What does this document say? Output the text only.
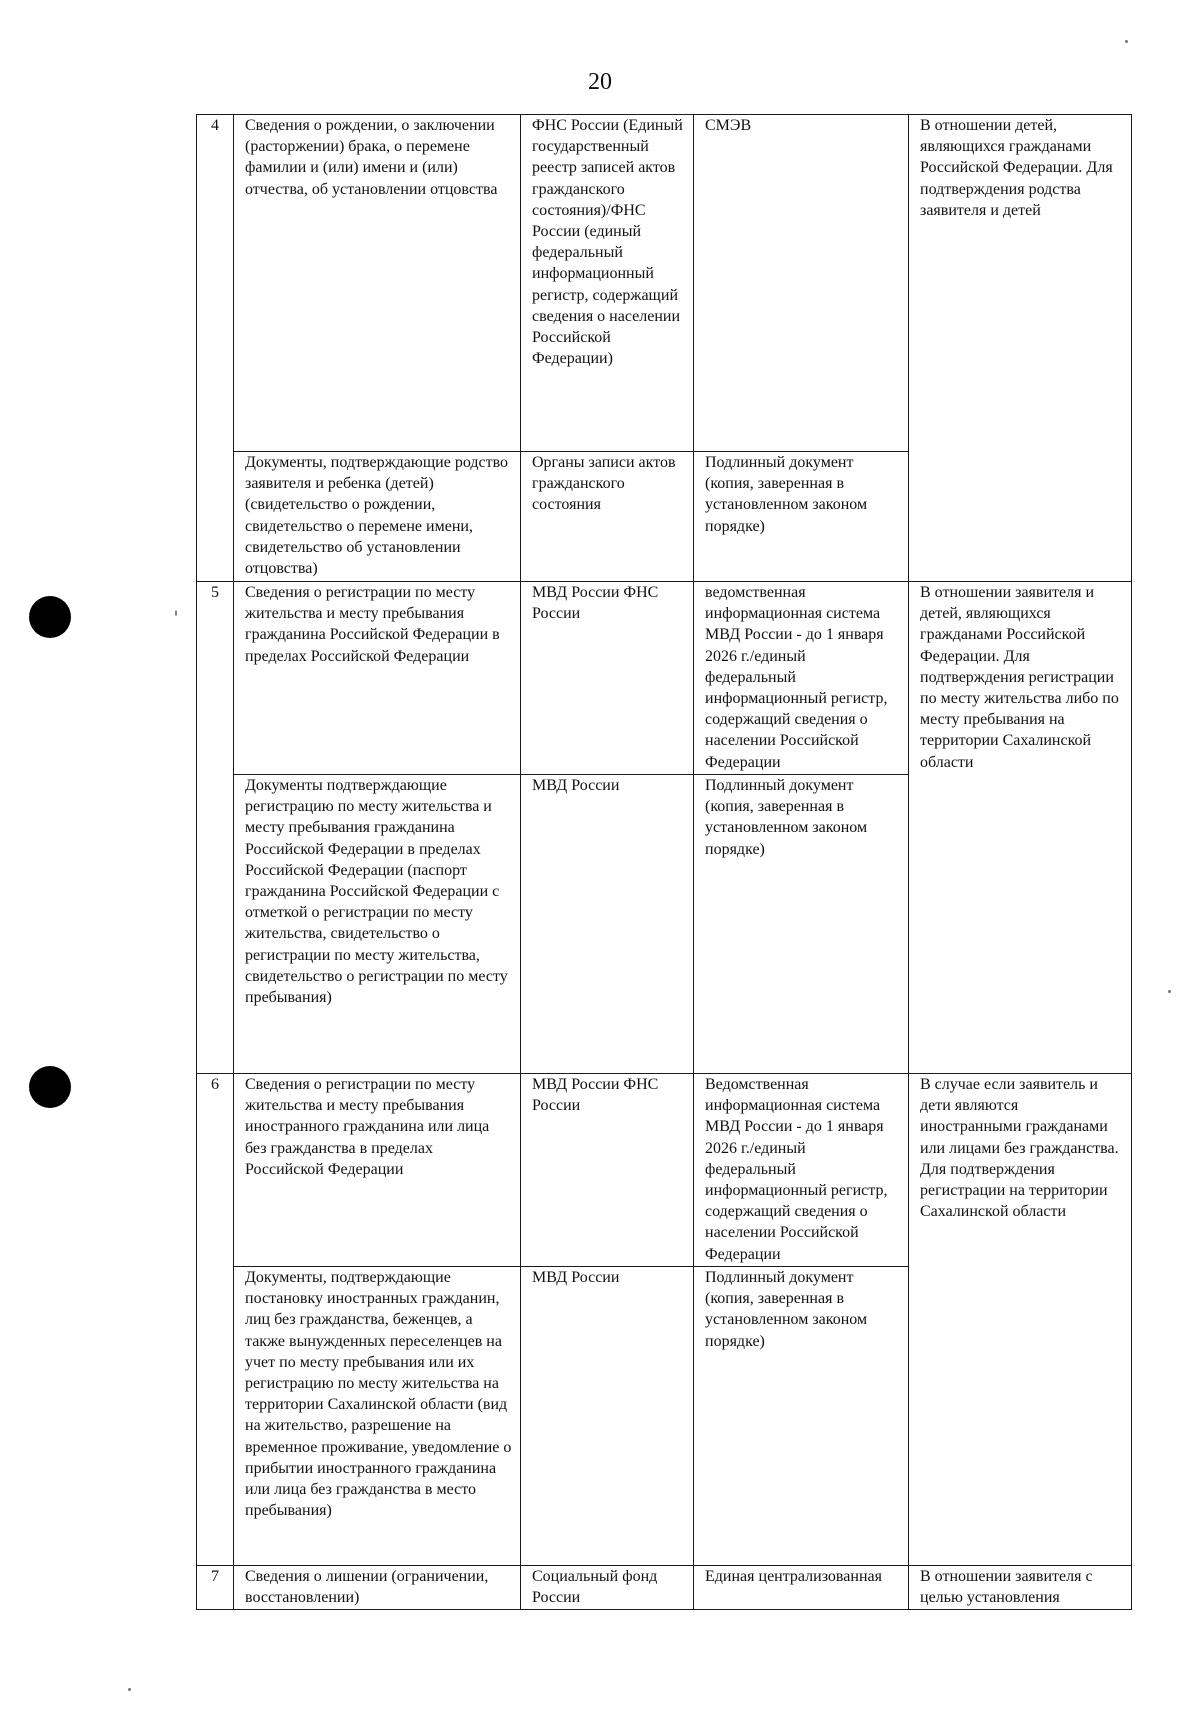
20
4	Сведения о рождении, о заключении (расторжении) брака, о перемене фамилии и (или) имени и (или) отчества, об установлении отцовства	ФНС России (Единый государственный реестр записей актов гражданского состояния)/ФНС России (единый федеральный информационный регистр, содержащий сведения о населении Российской Федерации)	СМЭВ	В отношении детей, являющихся гражданами Российской Федерации. Для подтверждения родства заявителя и детей
	Документы, подтверждающие родство заявителя и ребенка (детей) (свидетельство о рождении, свидетельство о перемене имени, свидетельство об установлении отцовства)	Органы записи актов гражданского состояния	Подлинный документ (копия, заверенная в установленном законом порядке)	
5	Сведения о регистрации по месту жительства и месту пребывания гражданина Российской Федерации в пределах Российской Федерации	МВД России ФНС России	ведомственная информационная система МВД России - до 1 января 2026 г./единый федеральный информационный регистр, содержащий сведения о населении Российской Федерации	В отношении заявителя и детей, являющихся гражданами Российской Федерации. Для подтверждения регистрации по месту жительства либо по месту пребывания на территории Сахалинской области
	Документы подтверждающие регистрацию по месту жительства и месту пребывания гражданина Российской Федерации в пределах Российской Федерации (паспорт гражданина Российской Федерации с отметкой о регистрации по месту жительства, свидетельство о регистрации по месту жительства, свидетельство о регистрации по месту пребывания)	МВД России	Подлинный документ (копия, заверенная в установленном законом порядке)	
6	Сведения о регистрации по месту жительства и месту пребывания иностранного гражданина или лица без гражданства в пределах Российской Федерации	МВД России ФНС России	Ведомственная информационная система МВД России - до 1 января 2026 г./единый федеральный информационный регистр, содержащий сведения о населении Российской Федерации	В случае если заявитель и дети являются иностранными гражданами или лицами без гражданства. Для подтверждения регистрации на территории Сахалинской области
	Документы, подтверждающие постановку иностранных гражданин, лиц без гражданства, беженцев, а также вынужденных переселенцев на учет по месту пребывания или их регистрацию по месту жительства на территории Сахалинской области (вид на жительство, разрешение на временное проживание, уведомление о прибытии иностранного гражданина или лица без гражданства в место пребывания)	МВД России	Подлинный документ (копия, заверенная в установленном законом порядке)	
7	Сведения о лишении (ограничении, восстановлении)	Социальный фонд России	Единая централизованная	В отношении заявителя с целью установления
